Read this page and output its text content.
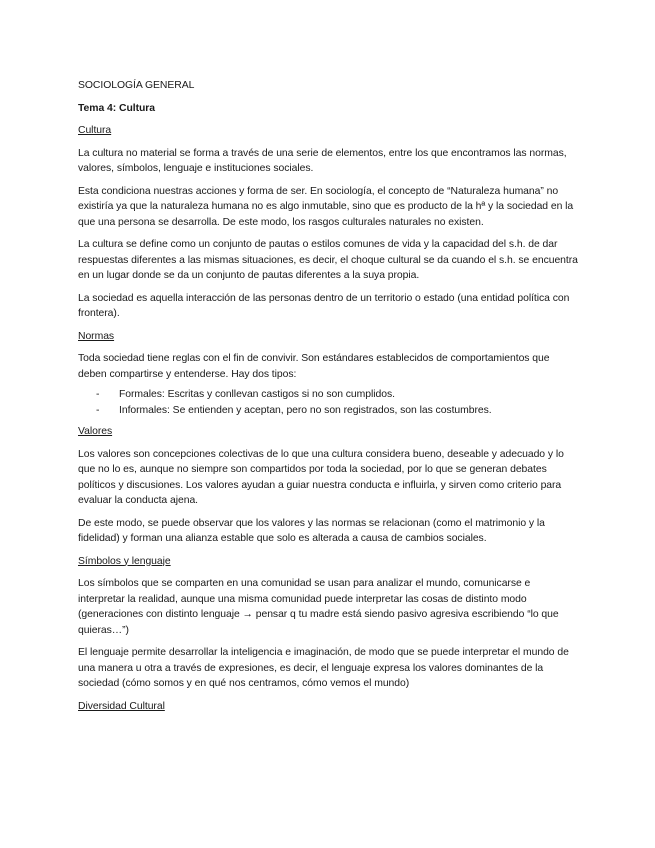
SOCIOLOGÍA GENERAL
Tema 4: Cultura
Cultura

La cultura no material se forma a través de una serie de elementos, entre los que encontramos las normas, valores, símbolos, lenguaje e instituciones sociales.

Esta condiciona nuestras acciones y forma de ser. En sociología, el concepto de “Naturaleza humana” no existiría ya que la naturaleza humana no es algo inmutable, sino que es producto de la hª y la sociedad en la que una persona se desarrolla. De este modo, los rasgos culturales naturales no existen.

La cultura se define como un conjunto de pautas o estilos comunes de vida y la capacidad del s.h. de dar respuestas diferentes a las mismas situaciones, es decir, el choque cultural se da cuando el s.h. se encuentra en un lugar donde se da un conjunto de pautas diferentes a la suya propia.

La sociedad es aquella interacción de las personas dentro de un territorio o estado (una entidad política con frontera).

Normas

Toda sociedad tiene reglas con el fin de convivir. Son estándares establecidos de comportamientos que deben compartirse y entenderse. Hay dos tipos:

- Formales: Escritas y conllevan castigos si no son cumplidos.
- Informales: Se entienden y aceptan, pero no son registrados, son las costumbres.
Valores

Los valores son concepciones colectivas de lo que una cultura considera bueno, deseable y adecuado y lo que no lo es, aunque no siempre son compartidos por toda la sociedad, por lo que se generan debates políticos y discusiones. Los valores ayudan a guiar nuestra conducta e influirla, y sirven como criterio para evaluar la conducta ajena.

De este modo, se puede observar que los valores y las normas se relacionan (como el matrimonio y la fidelidad) y forman una alianza estable que solo es alterada a causa de cambios sociales.

Símbolos y lenguaje

Los símbolos que se comparten en una comunidad se usan para analizar el mundo, comunicarse e interpretar la realidad, aunque una misma comunidad puede interpretar las cosas de distinto modo (generaciones con distinto lenguaje → pensar q tu madre está siendo pasivo agresiva escribiendo “lo que quieras…”)

El lenguaje permite desarrollar la inteligencia e imaginación, de modo que se puede interpretar el mundo de una manera u otra a través de expresiones, es decir, el lenguaje expresa los valores dominantes de la sociedad (cómo somos y en qué nos centramos, cómo vemos el mundo)

Diversidad Cultural
